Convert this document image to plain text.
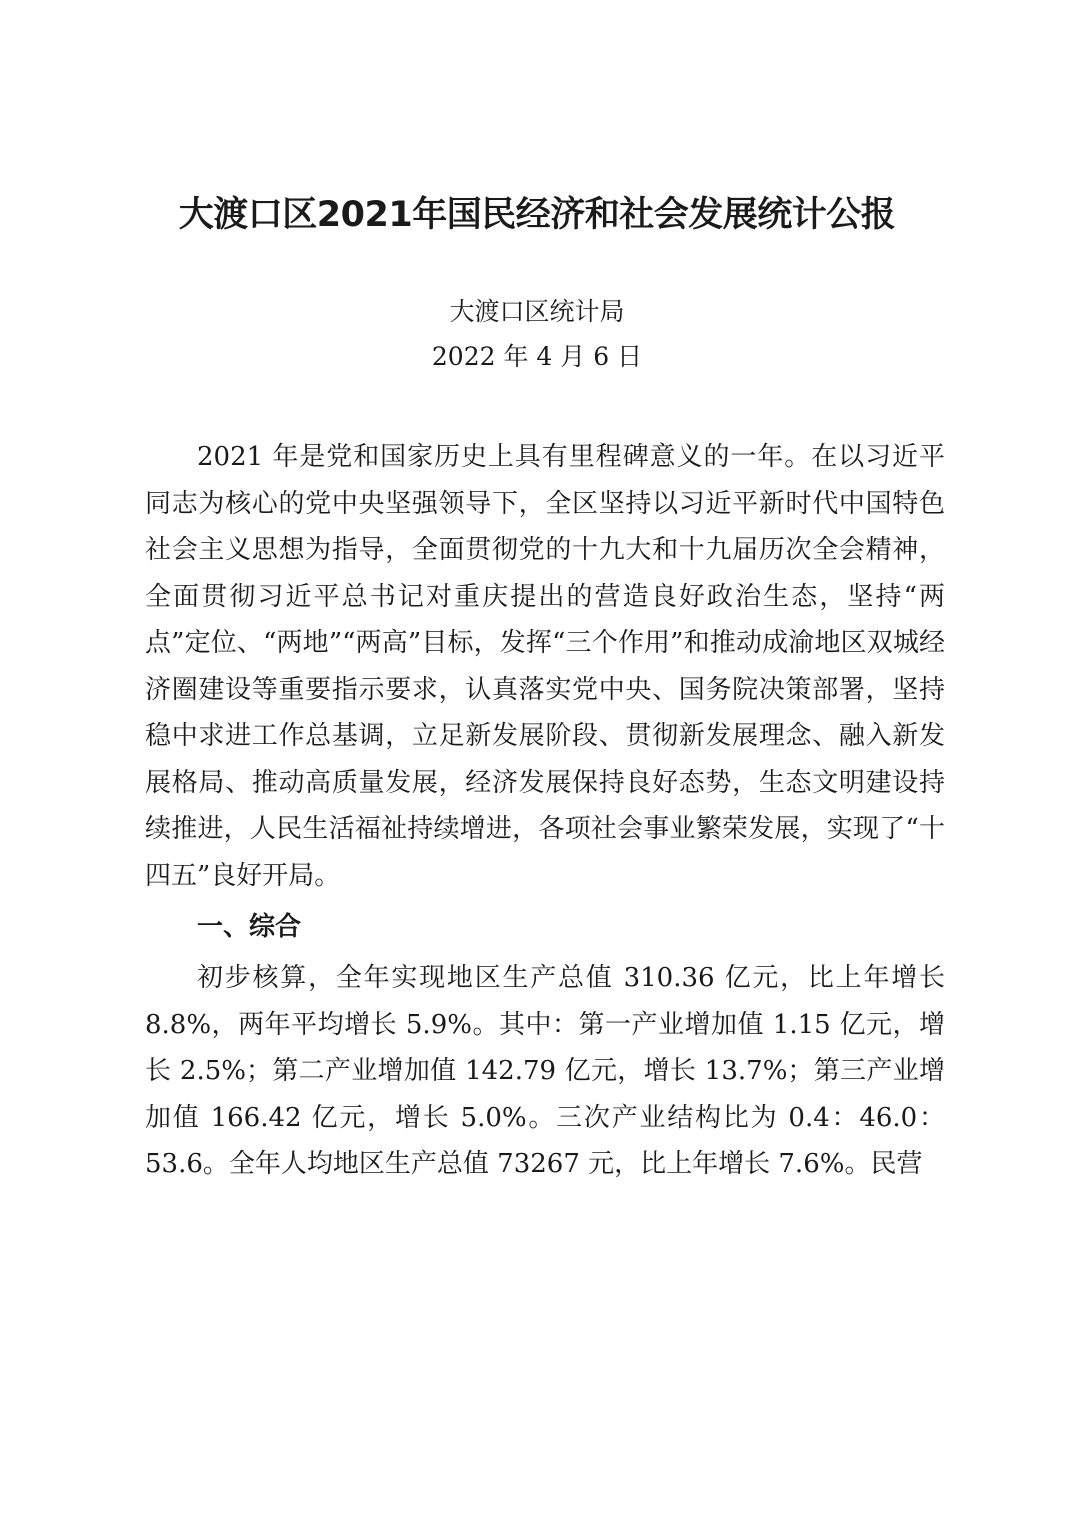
大渡口区2021年国民经济和社会发展统计公报
大渡口区统计局
2022 年 4 月 6 日

2021 年是党和国家历史上具有里程碑意义的一年。在以习近平同志为核心的党中央坚强领导下，全区坚持以习近平新时代中国特色社会主义思想为指导，全面贯彻党的十九大和十九届历次全会精神，全面贯彻习近平总书记对重庆提出的营造良好政治生态，坚持“两点”定位、“两地”“两高”目标，发挥“三个作用”和推动成渝地区双城经济圈建设等重要指示要求，认真落实党中央、国务院决策部署，坚持稳中求进工作总基调，立足新发展阶段、贯彻新发展理念、融入新发展格局、推动高质量发展，经济发展保持良好态势，生态文明建设持续推进，人民生活福祉持续增进，各项社会事业繁荣发展，实现了“十四五”良好开局。

一、综合

初步核算，全年实现地区生产总值 310.36 亿元，比上年增长 8.8%，两年平均增长 5.9%。其中：第一产业增加值 1.15 亿元，增长 2.5%；第二产业增加值 142.79 亿元，增长 13.7%；第三产业增加值 166.42 亿元，增长 5.0%。三次产业结构比为 0.4：46.0：53.6。全年人均地区生产总值 73267 元，比上年增长 7.6%。民营
